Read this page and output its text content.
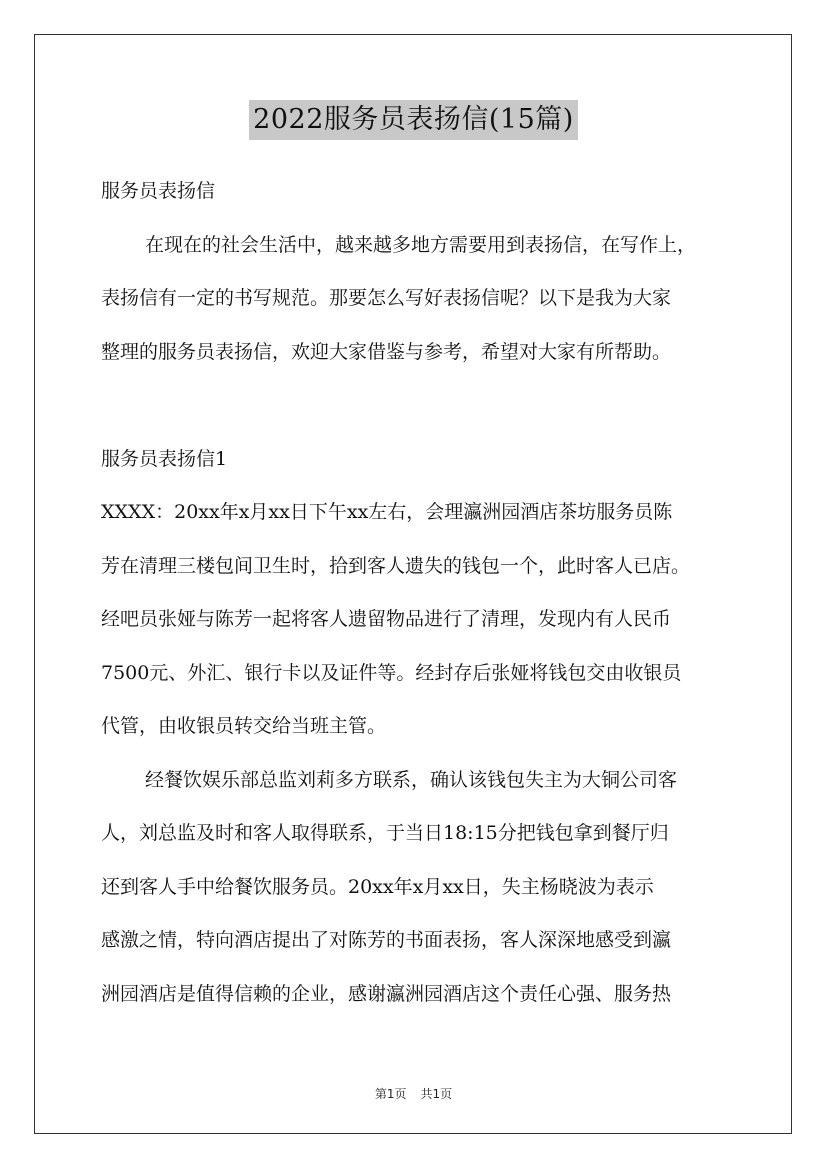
2022服务员表扬信(15篇)

服务员表扬信

在现在的社会生活中，越来越多地方需要用到表扬信，在写作上，

表扬信有一定的书写规范。那要怎么写好表扬信呢？以下是我为大家

整理的服务员表扬信，欢迎大家借鉴与参考，希望对大家有所帮助。

服务员表扬信1

XXXX：20xx年x月xx日下午xx左右，会理瀛洲园酒店茶坊服务员陈

芳在清理三楼包间卫生时，拾到客人遗失的钱包一个，此时客人已店。

经吧员张娅与陈芳一起将客人遗留物品进行了清理，发现内有人民币

7500元、外汇、银行卡以及证件等。经封存后张娅将钱包交由收银员

代管，由收银员转交给当班主管。

经餐饮娱乐部总监刘莉多方联系，确认该钱包失主为大铜公司客

人，刘总监及时和客人取得联系，于当日18:15分把钱包拿到餐厅归

还到客人手中给餐饮服务员。20xx年x月xx日，失主杨晓波为表示

感激之情，特向酒店提出了对陈芳的书面表扬，客人深深地感受到瀛

洲园酒店是值得信赖的企业，感谢瀛洲园酒店这个责任心强、服务热

第1页 共1页
